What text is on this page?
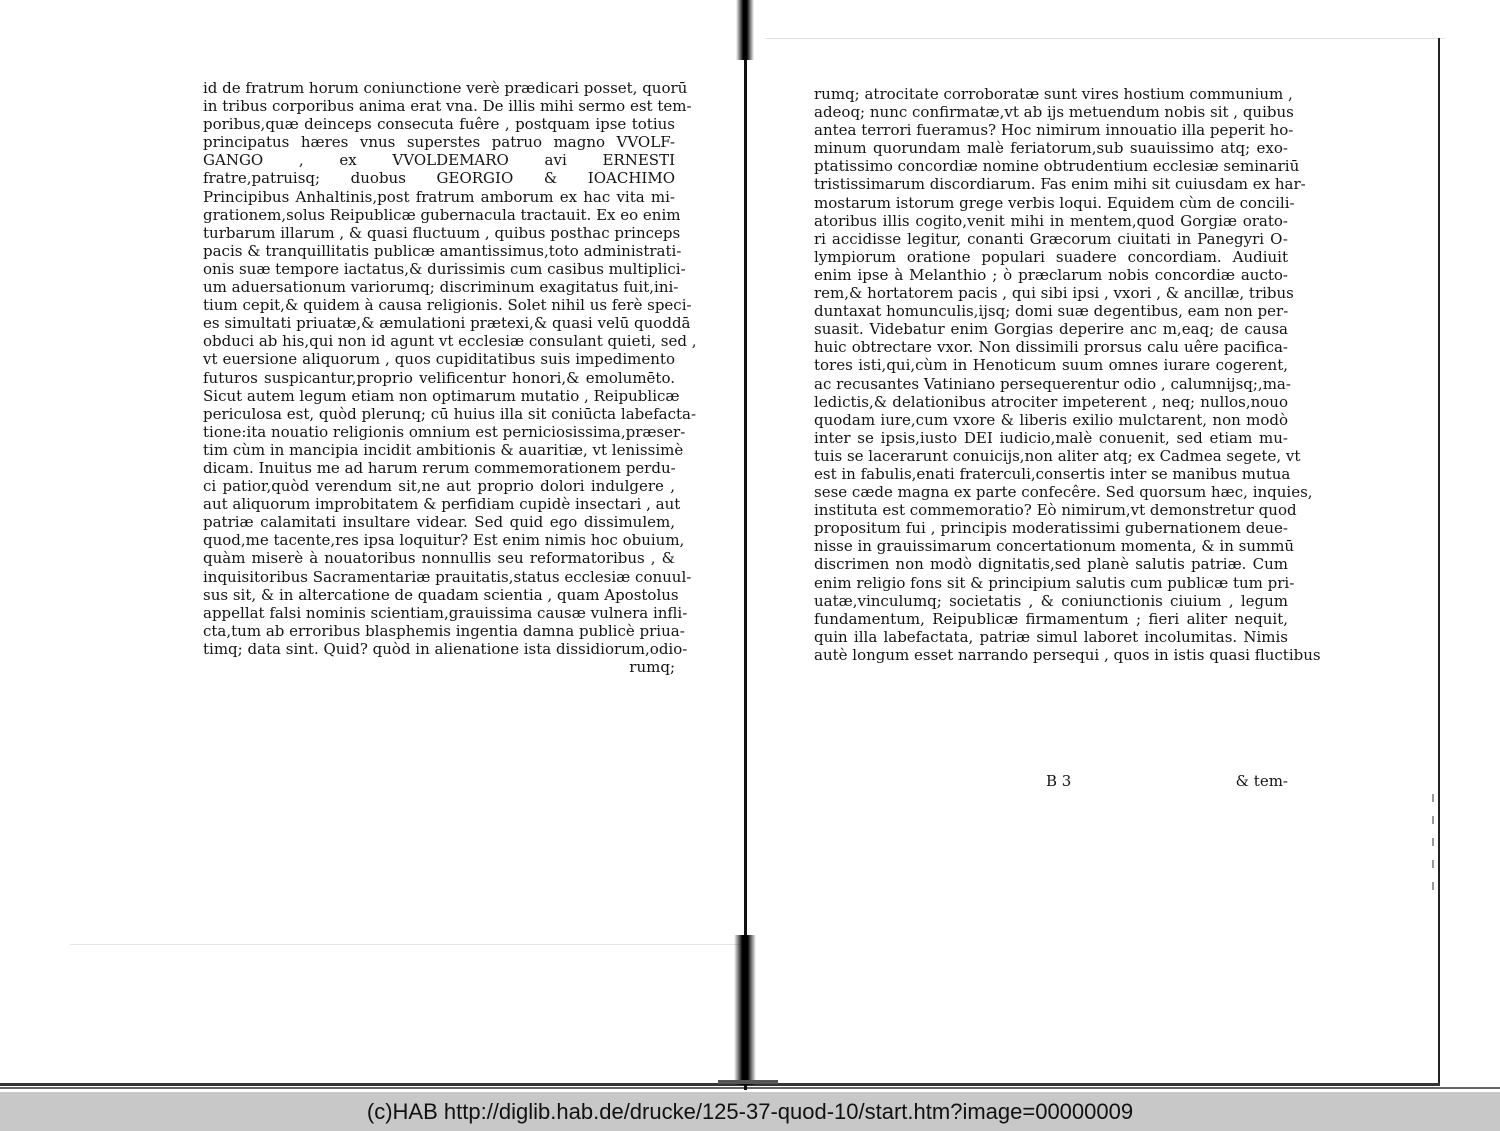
id de fratrum horum coniunctione verè prædicari posset, quorū
in tribus corporibus anima erat vna. De illis mihi sermo est tem-
poribus,quæ deinceps consecuta fuêre , postquam ipse totius
principatus hæres vnus superstes patruo magno VVOLF-
GANGO , ex VVOLDEMARO avi ERNESTI
fratre,patruisq; duobus GEORGIO & IOACHIMO
Principibus Anhaltinis,post fratrum amborum ex hac vita mi-
grationem,solus Reipublicæ gubernacula tractauit. Ex eo enim
turbarum illarum , & quasi fluctuum , quibus posthac princeps
pacis & tranquillitatis publicæ amantissimus,toto administrati-
onis suæ tempore iactatus,& durissimis cum casibus multiplici-
um aduersationum variorumq; discriminum exagitatus fuit,ini-
tium cepit,& quidem à causa religionis. Solet nihil us ferè speci-
es simultati priuatæ,& æmulationi prætexi,& quasi velū quoddā
obduci ab his,qui non id agunt vt ecclesiæ consulant quieti, sed ,
vt euersione aliquorum , quos cupiditatibus suis impedimento
futuros suspicantur,proprio velificentur honori,& emolumēto.
Sicut autem legum etiam non optimarum mutatio , Reipublicæ
periculosa est, quòd plerunq; cū huius illa sit coniūcta labefacta-
tione:ita nouatio religionis omnium est perniciosissima,præser-
tim cùm in mancipia incidit ambitionis & auaritiæ, vt lenissimè
dicam. Inuitus me ad harum rerum commemorationem perdu-
ci patior,quòd verendum sit,ne aut proprio dolori indulgere ,
aut aliquorum improbitatem & perfidiam cupidè insectari , aut
patriæ calamitati insultare videar. Sed quid ego dissimulem,
quod,me tacente,res ipsa loquitur? Est enim nimis hoc obuium,
quàm miserè à nouatoribus nonnullis seu reformatoribus , &
inquisitoribus Sacramentariæ prauitatis,status ecclesiæ conuul-
sus sit, & in altercatione de quadam scientia , quam Apostolus
appellat falsi nominis scientiam,grauissima causæ vulnera infli-
cta,tum ab erroribus blasphemis ingentia damna publicè priua-
timq; data sint. Quid? quòd in alienatione ista dissidiorum,odio-
rumq;
rumq; atrocitate corroboratæ sunt vires hostium communium ,
adeoq; nunc confirmatæ,vt ab ijs metuendum nobis sit , quibus
antea terrori fueramus? Hoc nimirum innouatio illa peperit ho-
minum quorundam malè feriatorum,sub suauissimo atq; exo-
ptatissimo concordiæ nomine obtrudentium ecclesiæ seminariū
tristissimarum discordiarum. Fas enim mihi sit cuiusdam ex har-
mostarum istorum grege verbis loqui. Equidem cùm de concili-
atoribus illis cogito,venit mihi in mentem,quod Gorgiæ orato-
ri accidisse legitur, conanti Græcorum ciuitati in Panegyri O-
lympiorum oratione populari suadere concordiam. Audiuit
enim ipse à Melanthio ; ò præclarum nobis concordiæ aucto-
rem,& hortatorem pacis , qui sibi ipsi , vxori , & ancillæ, tribus
duntaxat homunculis,ijsq; domi suæ degentibus, eam non per-
suasit. Videbatur enim Gorgias deperire anc m,eaq; de causa
huic obtrectare vxor. Non dissimili prorsus calu uêre pacifica-
tores isti,qui,cùm in Henoticum suum omnes iurare cogerent,
ac recusantes Vatiniano persequerentur odio , calumnijsq;,ma-
ledictis,& delationibus atrociter impeterent , neq; nullos,nouo
quodam iure,cum vxore & liberis exilio mulctarent, non modò
inter se ipsis,iusto DEI iudicio,malè conuenit, sed etiam mu-
tuis se lacerarunt conuicijs,non aliter atq; ex Cadmea segete, vt
est in fabulis,enati fraterculi,consertis inter se manibus mutua
sese cæde magna ex parte confecêre. Sed quorsum hæc, inquies,
instituta est commemoratio? Eò nimirum,vt demonstretur quod
propositum fui , principis moderatissimi gubernationem deue-
nisse in grauissimarum concertationum momenta, & in summū
discrimen non modò dignitatis,sed planè salutis patriæ. Cum
enim religio fons sit & principium salutis cum publicæ tum pri-
uatæ,vinculumq; societatis , & coniunctionis ciuium , legum
fundamentum, Reipublicæ firmamentum ; fieri aliter nequit,
quin illa labefactata, patriæ simul laboret incolumitas. Nimis
autè longum esset narrando persequi , quos in istis quasi fluctibus
B 3	& tem-
(c)HAB http://diglib.hab.de/drucke/125-37-quod-10/start.htm?image=00000009
